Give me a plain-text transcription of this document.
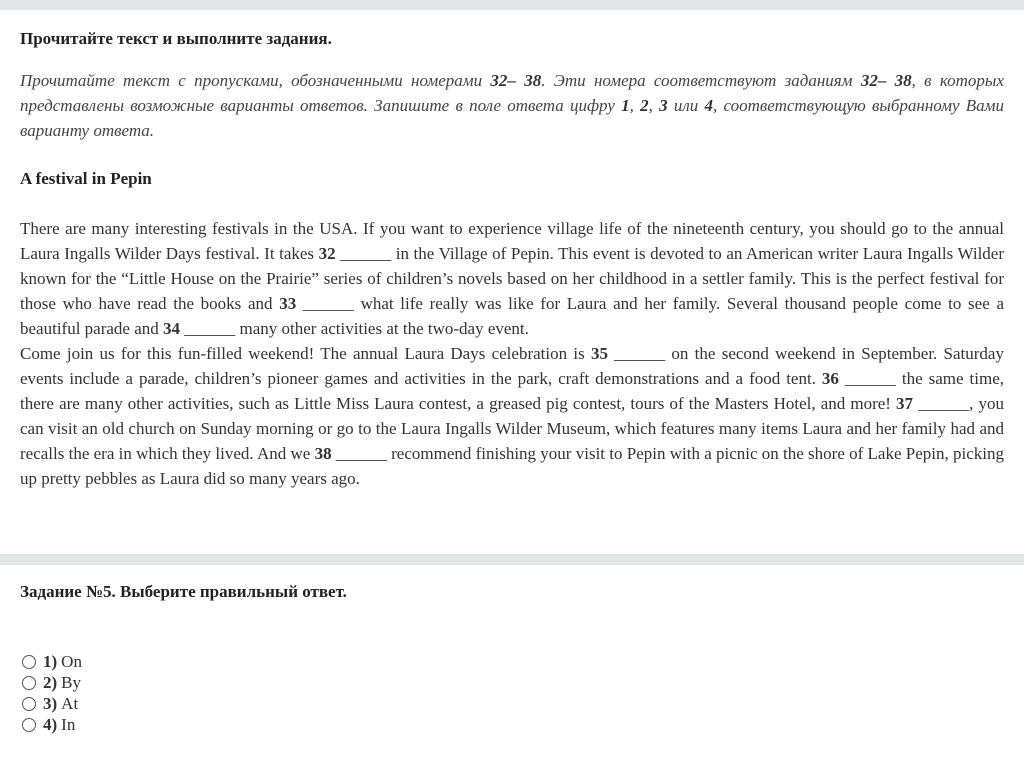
Прочитайте текст и выполните задания.

Прочитайте текст с пропусками, обозначенными номерами 32– 38. Эти номера соответствуют заданиям 32– 38, в которых представлены возможные варианты ответов. Запишите в поле ответа цифру 1, 2, 3 или 4, соответствующую выбранному Вами варианту ответа.

A festival in Pepin

There are many interesting festivals in the USA. If you want to experience village life of the nineteenth century, you should go to the annual Laura Ingalls Wilder Days festival. It takes 32 ______ in the Village of Pepin. This event is devoted to an American writer Laura Ingalls Wilder known for the “Little House on the Prairie” series of children’s novels based on her childhood in a settler family. This is the perfect festival for those who have read the books and 33 ______ what life really was like for Laura and her family. Several thousand people come to see a beautiful parade and 34 ______ many other activities at the two-day event.
Come join us for this fun-filled weekend! The annual Laura Days celebration is 35 ______ on the second weekend in September. Saturday events include a parade, children’s pioneer games and activities in the park, craft demonstrations and a food tent. 36 ______ the same time, there are many other activities, such as Little Miss Laura contest, a greased pig contest, tours of the Masters Hotel, and more! 37 ______, you can visit an old church on Sunday morning or go to the Laura Ingalls Wilder Museum, which features many items Laura and her family had and recalls the era in which they lived. And we 38 ______ recommend finishing your visit to Pepin with a picnic on the shore of Lake Pepin, picking up pretty pebbles as Laura did so many years ago.

Задание №5. Выберите правильный ответ.

1) On
2) By
3) At
4) In
